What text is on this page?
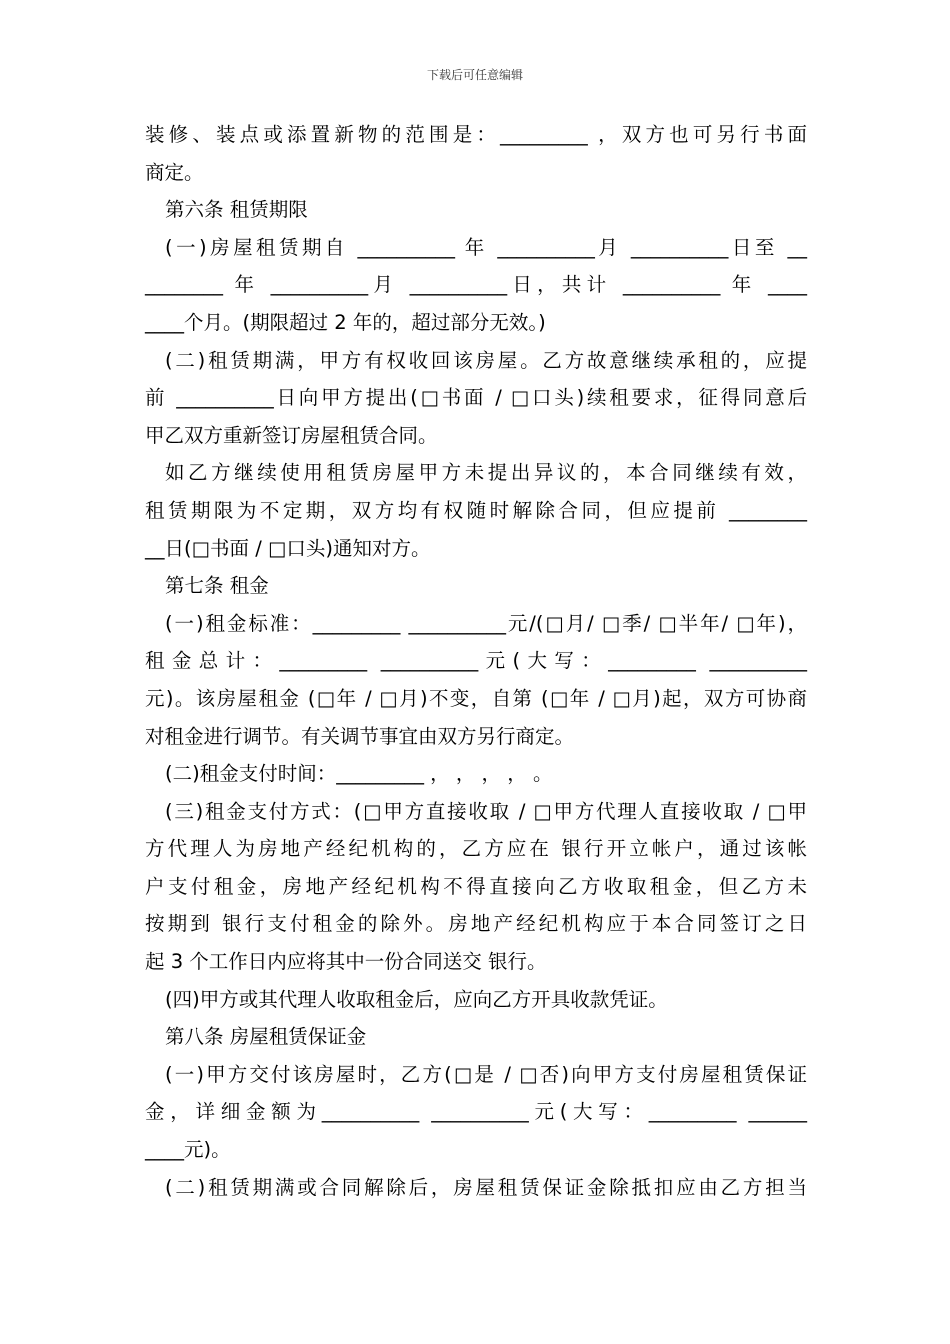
下载后可任意编辑
装修、装点或添置新物的范围是：_________ ，双方也可另行书面
商定。
第六条 租赁期限
(一)房屋租赁期自 __________ 年 __________月 __________日至 __
________ 年 __________月 __________日，共计 __________ 年 ____
____个月。(期限超过 2 年的，超过部分无效。)
(二)租赁期满，甲方有权收回该房屋。乙方故意继续承租的，应提
前 __________日向甲方提出(□书面 / □口头)续租要求，征得同意后
甲乙双方重新签订房屋租赁合同。
如乙方继续使用租赁房屋甲方未提出异议的，本合同继续有效，
租赁期限为不定期，双方均有权随时解除合同，但应提前 ________
__日(□书面 / □口头)通知对方。
第七条 租金
(一)租金标准：_________ __________元/(□月/ □季/ □半年/ □年)，
租金总计：_________ __________元(大写：_________ __________
元)。该房屋租金 (□年 / □月)不变，自第 (□年 / □月)起，双方可协商
对租金进行调节。有关调节事宜由双方另行商定。
(二)租金支付时间：_________ ， ， ， ， 。
(三)租金支付方式：(□甲方直接收取 / □甲方代理人直接收取 / □甲
方代理人为房地产经纪机构的，乙方应在 银行开立帐户，通过该帐
户支付租金，房地产经纪机构不得直接向乙方收取租金，但乙方未
按期到 银行支付租金的除外。房地产经纪机构应于本合同签订之日
起 3 个工作日内应将其中一份合同送交 银行。
(四)甲方或其代理人收取租金后，应向乙方开具收款凭证。
第八条 房屋租赁保证金
(一)甲方交付该房屋时，乙方(□是 / □否)向甲方支付房屋租赁保证
金，详细金额为__________ __________元(大写：_________ ______
____元)。
(二)租赁期满或合同解除后，房屋租赁保证金除抵扣应由乙方担当
